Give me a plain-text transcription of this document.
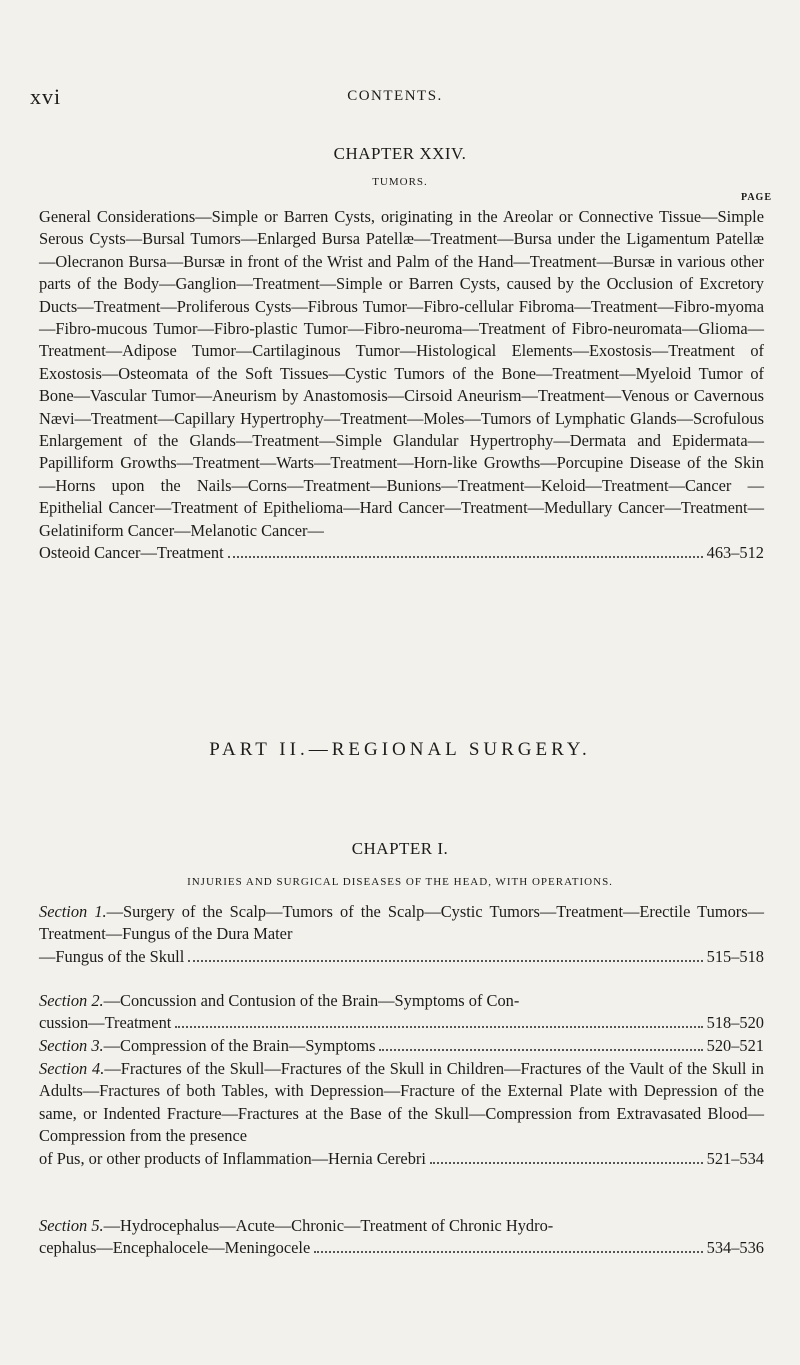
xvi	CONTENTS.
CHAPTER XXIV.
TUMORS.
PAGE
General Considerations—Simple or Barren Cysts, originating in the Areolar or Connective Tissue—Simple Serous Cysts—Bursal Tumors—Enlarged Bursa Patellæ—Treatment—Bursa under the Ligamentum Patellæ—Olecranon Bursa—Bursæ in front of the Wrist and Palm of the Hand—Treatment—Bursæ in various other parts of the Body—Ganglion—Treatment—Simple or Barren Cysts, caused by the Occlusion of Excretory Ducts—Treatment—Proliferous Cysts—Fibrous Tumor—Fibro-cellular Fibroma—Treatment—Fibro-myoma—Fibro-mucous Tumor—Fibro-plastic Tumor—Fibro-neuroma—Treatment of Fibro-neuromata—Glioma—Treatment—Adipose Tumor—Cartilaginous Tumor—Histological Elements—Exostosis—Treatment of Exostosis—Osteomata of the Soft Tissues—Cystic Tumors of the Bone—Treatment—Myeloid Tumor of Bone—Vascular Tumor—Aneurism by Anastomosis—Cirsoid Aneurism—Treatment—Venous or Cavernous Nævi—Treatment—Capillary Hypertrophy—Treatment—Moles—Tumors of Lymphatic Glands—Scrofulous Enlargement of the Glands—Treatment—Simple Glandular Hypertrophy—Dermata and Epidermata—Papilliform Growths—Treatment—Warts—Treatment—Horn-like Growths—Porcupine Disease of the Skin—Horns upon the Nails—Corns—Treatment—Bunions—Treatment—Keloid—Treatment—Cancer — Epithelial Cancer—Treatment of Epithelioma—Hard Cancer—Treatment—Medullary Cancer—Treatment—Gelatiniform Cancer—Melanotic Cancer—
Osteoid Cancer—Treatment	463–512
PART II.—REGIONAL SURGERY.
CHAPTER I.
INJURIES AND SURGICAL DISEASES OF THE HEAD, WITH OPERATIONS.
Section 1.—Surgery of the Scalp—Tumors of the Scalp—Cystic Tumors—Treatment—Erectile Tumors—Treatment—Fungus of the Dura Mater
—Fungus of the Skull	515–518
Section 2.—Concussion and Contusion of the Brain—Symptoms of Con-
cussion—Treatment	518–520
Section 3.—Compression of the Brain—Symptoms	520–521
Section 4.—Fractures of the Skull—Fractures of the Skull in Children—Fractures of the Vault of the Skull in Adults—Fractures of both Tables, with Depression—Fracture of the External Plate with Depression of the same, or Indented Fracture—Fractures at the Base of the Skull—Compression from Extravasated Blood—Compression from the presence
of Pus, or other products of Inflammation—Hernia Cerebri	521–534
Section 5.—Hydrocephalus—Acute—Chronic—Treatment of Chronic Hydro-
cephalus—Encephalocele—Meningocele	534–536
